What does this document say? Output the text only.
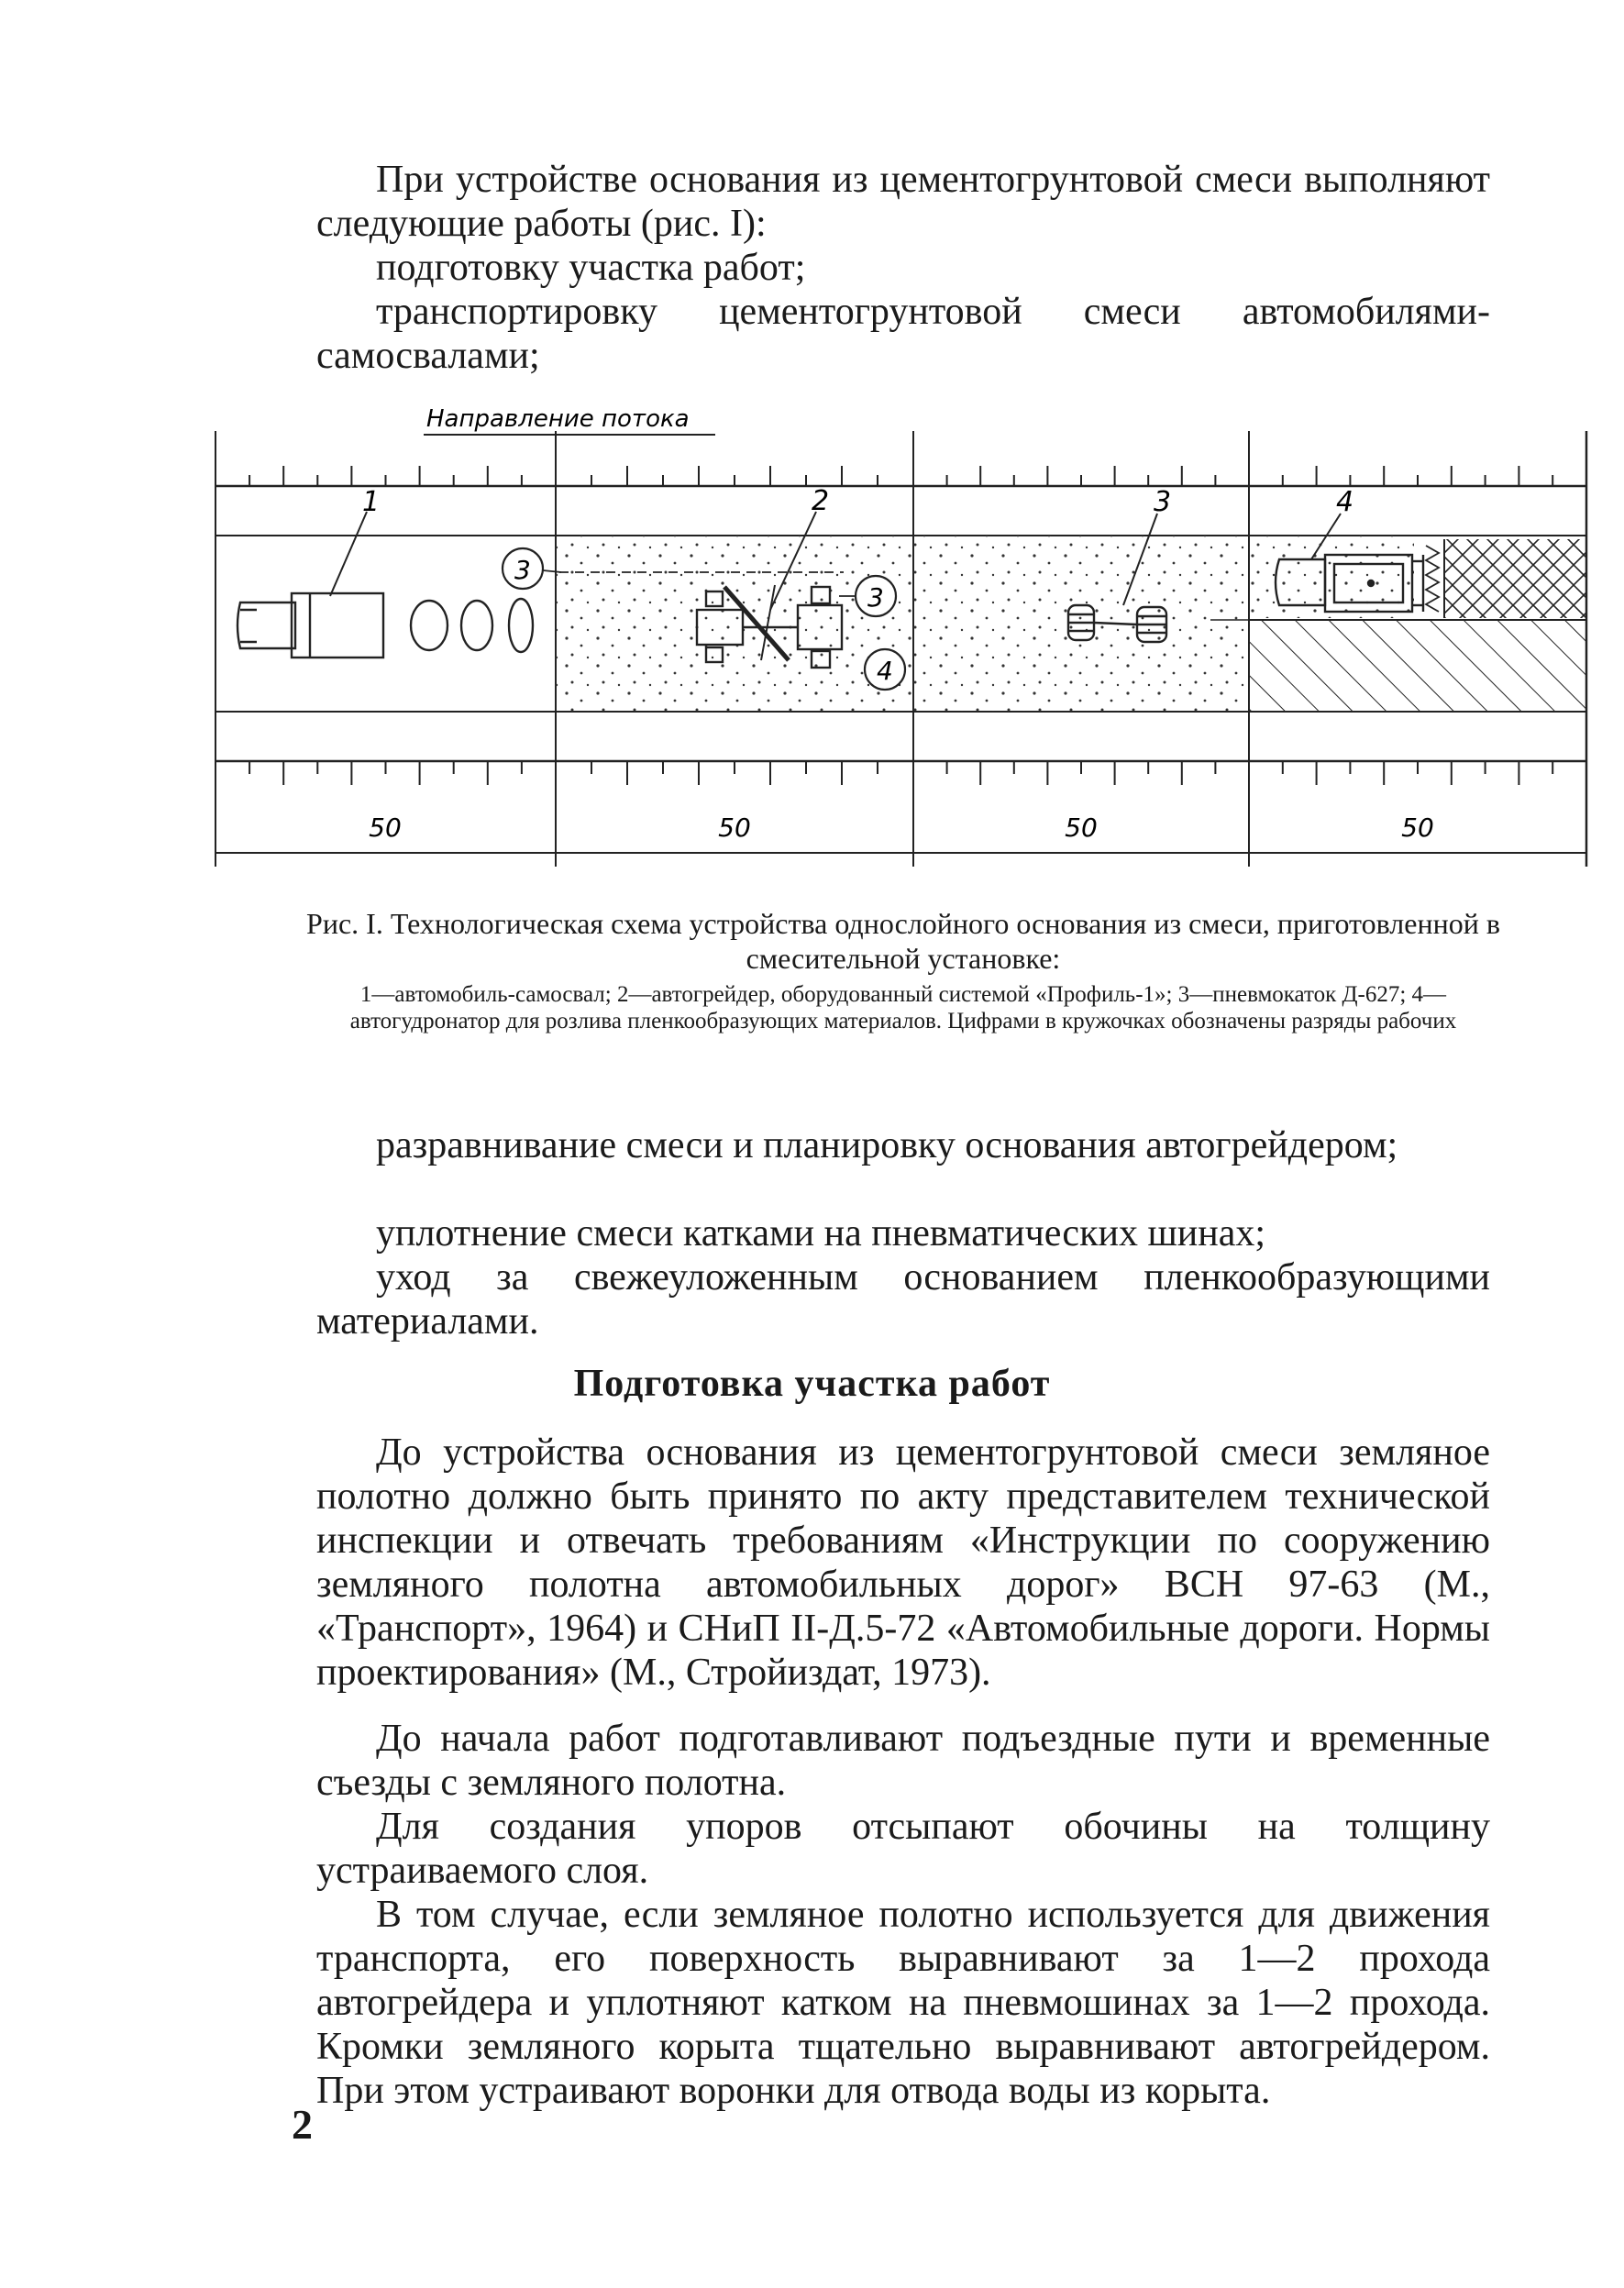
При устройстве основания из цементогрунтовой смеси выполняют следующие работы (рис. I):

подготовку участка работ;

транспортировку цементогрунтовой смеси автомобилями-самосвалами;

Направление потока
1	2	3	4
3
3
4
50	50	50	50

Рис. I. Технологическая схема устройства однослойного основания из смеси, приготовленной в смесительной установке:

1—автомобиль-самосвал; 2—автогрейдер, оборудованный системой «Профиль-1»; 3—пневмокаток Д-627; 4—автогудронатор для розлива пленкообразующих материалов. Цифрами в кружочках обозначены разряды рабочих

разравнивание смеси и планировку основания автогрейдером;

уплотнение смеси катками на пневматических шинах;

уход за свежеуложенным основанием пленкообразующими материалами.

Подготовка участка работ

До устройства основания из цементогрунтовой смеси земляное полотно должно быть принято по акту представителем технической инспекции и отвечать требованиям «Инструкции по сооружению земляного полотна автомобильных дорог» ВСН 97-63 (М., «Транспорт», 1964) и СНиП II-Д.5-72 «Автомобильные дороги. Нормы проектирования» (М., Стройиздат, 1973).

До начала работ подготавливают подъездные пути и временные съезды с земляного полотна.

Для создания упоров отсыпают обочины на толщину устраиваемого слоя.

В том случае, если земляное полотно используется для движения транспорта, его поверхность выравнивают за 1—2 прохода автогрейдера и уплотняют катком на пневмошинах за 1—2 прохода. Кромки земляного корыта тщательно выравнивают автогрейдером. При этом устраивают воронки для отвода воды из корыта.

2
